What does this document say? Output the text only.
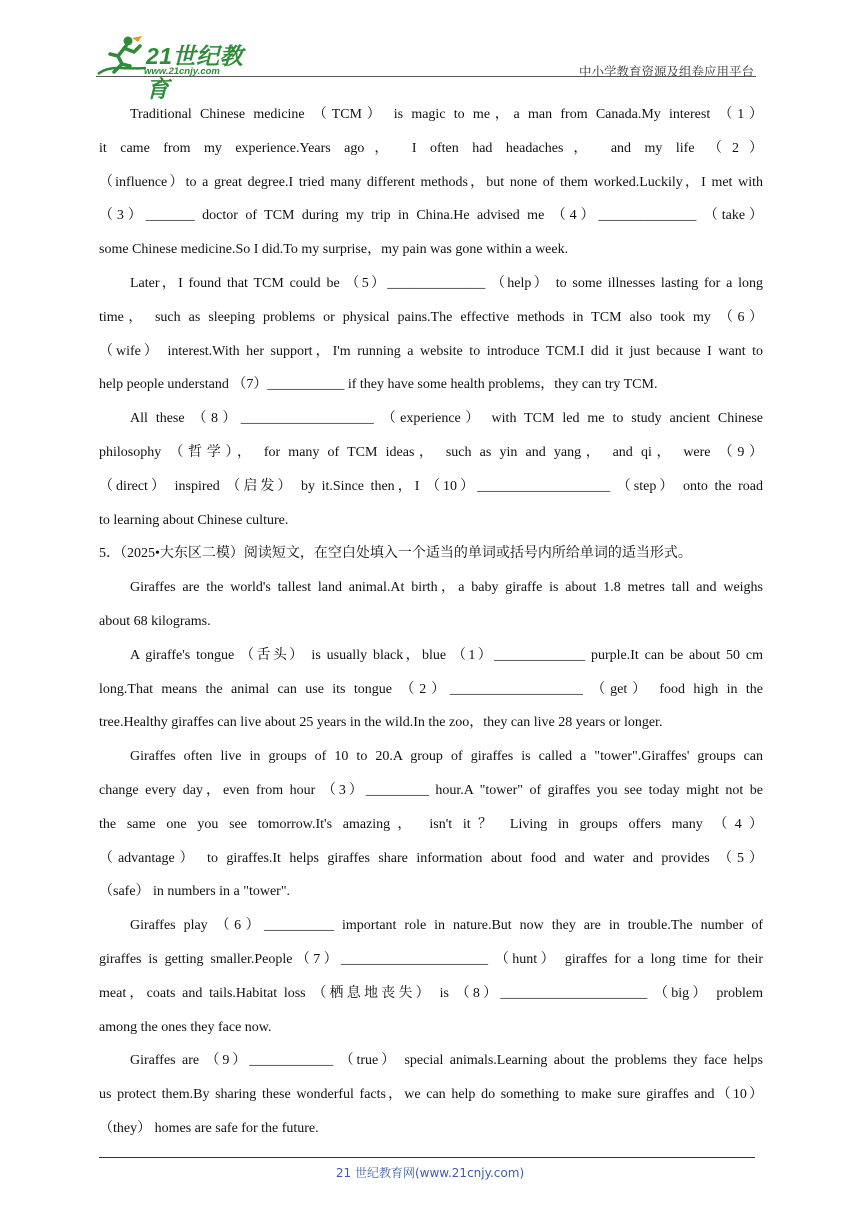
21世纪教育
www.21cnjy.com	中小学教育资源及组卷应用平台
Traditional Chinese medicine （TCM） is magic to me，a man from Canada.My interest （1）
it came from my experience.Years ago， I often had headaches， and my life （2）
（influence）to a great degree.I tried many different methods，but none of them worked.Luckily，I met with
（3）_______ doctor of TCM during my trip in China.He advised me （4）______________ （take）
some Chinese medicine.So I did.To my surprise，my pain was gone within a week.
Later，I found that TCM could be （5）______________ （help） to some illnesses lasting for a long
time， such as sleeping problems or physical pains.The effective methods in TCM also took my （6）
（wife） interest.With her support，I'm running a website to introduce TCM.I did it just because I want to
help people understand （7）___________ if they have some health problems，they can try TCM.
All these （8）___________________ （experience） with TCM led me to study ancient Chinese
philosophy （哲学）， for many of TCM ideas， such as yin and yang， and qi， were （9）
（direct） inspired （启发） by it.Since then，I （10）___________________ （step） onto the road
to learning about Chinese culture.
5．（2025•大东区二模）阅读短文，在空白处填入一个适当的单词或括号内所给单词的适当形式。
Giraffes are the world's tallest land animal.At birth，a baby giraffe is about 1.8 metres tall and weighs
about 68 kilograms.
A giraffe's tongue （舌头） is usually black，blue （1）_____________ purple.It can be about 50 cm
long.That means the animal can use its tongue （2）___________________ （get） food high in the
tree.Healthy giraffes can live about 25 years in the wild.In the zoo，they can live 28 years or longer.
Giraffes often live in groups of 10 to 20.A group of giraffes is called a "tower".Giraffes' groups can
change every day，even from hour （3）_________ hour.A "tower" of giraffes you see today might not be
the same one you see tomorrow.It's amazing， isn't it？ Living in groups offers many （4）
（advantage） to giraffes.It helps giraffes share information about food and water and provides （5）
（safe） in numbers in a "tower".
Giraffes play （6）__________ important role in nature.But now they are in trouble.The number of
giraffes is getting smaller.People（7）_____________________ （hunt） giraffes for a long time for their
meat，coats and tails.Habitat loss （栖息地丧失） is （8）_____________________ （big） problem
among the ones they face now.
Giraffes are （9）____________ （true） special animals.Learning about the problems they face helps
us protect them.By sharing these wonderful facts，we can help do something to make sure giraffes and（10）
（they） homes are safe for the future.
21 世纪教育网(www.21cnjy.com)
